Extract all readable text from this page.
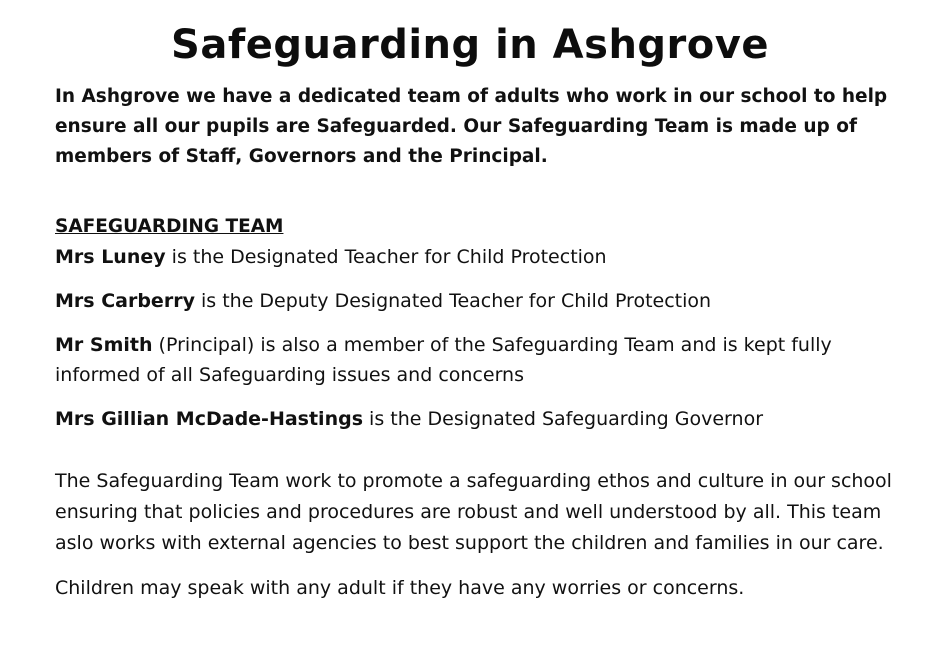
Safeguarding in Ashgrove

In Ashgrove we have a dedicated team of adults who work in our school to help ensure all our pupils are Safeguarded. Our Safeguarding Team is made up of members of Staff, Governors and the Principal.

SAFEGUARDING TEAM

Mrs Luney is the Designated Teacher for Child Protection

Mrs Carberry is the Deputy Designated Teacher for Child Protection

Mr Smith (Principal) is also a member of the Safeguarding Team and is kept fully informed of all Safeguarding issues and concerns

Mrs Gillian McDade-Hastings is the Designated Safeguarding Governor

The Safeguarding Team work to promote a safeguarding ethos and culture in our school ensuring that policies and procedures are robust and well understood by all. This team aslo works with external agencies to best support the children and families in our care.

Children may speak with any adult if they have any worries or concerns.
